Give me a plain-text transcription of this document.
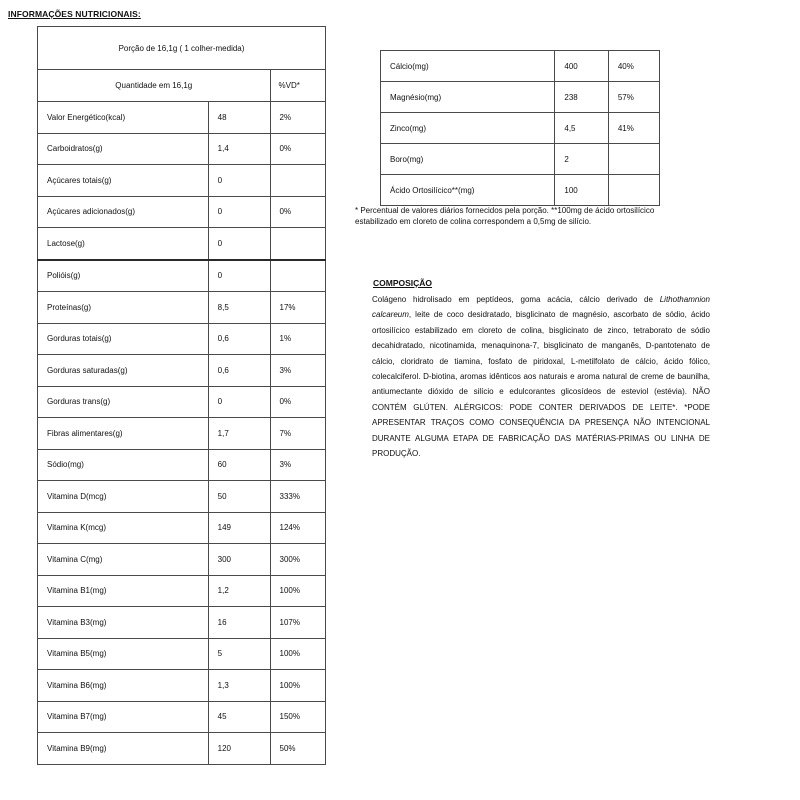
INFORMAÇÕES NUTRICIONAIS:
Porção de 16,1g ( 1 colher-medida)		
Quantidade em 16,1g		%VD*
Valor Energético(kcal)	48	2%
Carboidratos(g)	1,4	0%
Açúcares totais(g)	0	
Açúcares adicionados(g)	0	0%
Lactose(g)	0	
Polióis(g)	0	
Proteínas(g)	8,5	17%
Gorduras totais(g)	0,6	1%
Gorduras saturadas(g)	0,6	3%
Gorduras trans(g)	0	0%
Fibras alimentares(g)	1,7	7%
Sódio(mg)	60	3%
Vitamina D(mcg)	50	333%
Vitamina K(mcg)	149	124%
Vitamina C(mg)	300	300%
Vitamina B1(mg)	1,2	100%
Vitamina B3(mg)	16	107%
Vitamina B5(mg)	5	100%
Vitamina B6(mg)	1,3	100%
Vitamina B7(mg)	45	150%
Vitamina B9(mg)	120	50%
Cálcio(mg)	400	40%
Magnésio(mg)	238	57%
Zinco(mg)	4,5	41%
Boro(mg)	2	
Ácido Ortosilícico**(mg)	100	
* Percentual de valores diários fornecidos pela porção. **100mg de ácido ortosilícico estabilizado em cloreto de colina correspondem a 0,5mg de silício.
COMPOSIÇÃO
Colágeno hidrolisado em peptídeos, goma acácia, cálcio derivado de Lithothamnion calcareum, leite de coco desidratado, bisglicinato de magnésio, ascorbato de sódio, ácido ortosilícico estabilizado em cloreto de colina, bisglicinato de zinco, tetraborato de sódio decahidratado, nicotinamida, menaquinona-7, bisglicinato de manganês, D-pantotenato de cálcio, cloridrato de tiamina, fosfato de piridoxal, L-metilfolato de cálcio, ácido fólico, colecalciferol. D-biotina, aromas idênticos aos naturais e aroma natural de creme de baunilha, antiumectante dióxido de silício e edulcorantes glicosídeos de esteviol (estévia). NÃO CONTÉM GLÚTEN. ALÉRGICOS: PODE CONTER DERIVADOS DE LEITE*. *PODE APRESENTAR TRAÇOS COMO CONSEQUÊNCIA DA PRESENÇA NÃO INTENCIONAL DURANTE ALGUMA ETAPA DE FABRICAÇÃO DAS MATÉRIAS-PRIMAS OU LINHA DE PRODUÇÃO.
